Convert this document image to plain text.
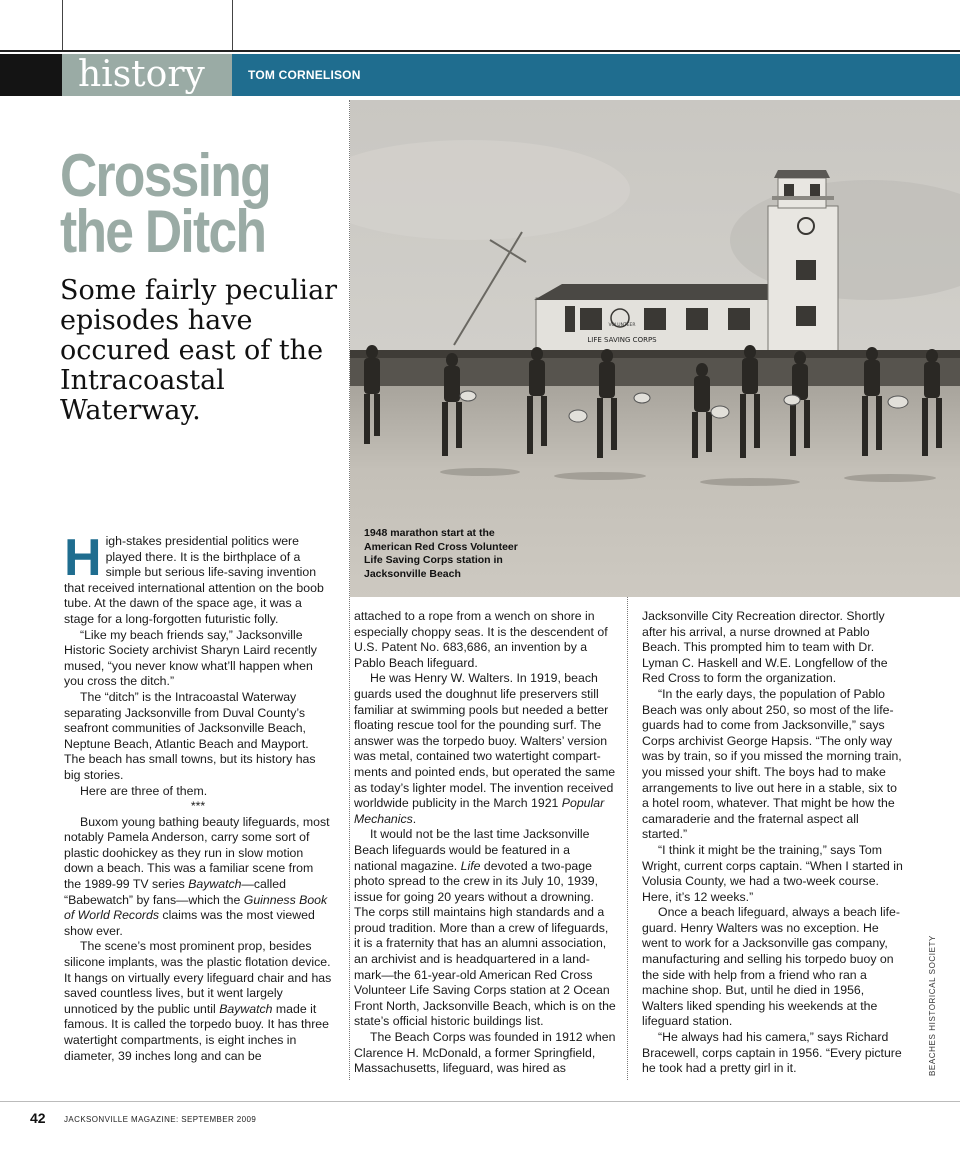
history	TOM CORNELISON
Crossing
the Ditch
Some fairly peculiar episodes have occured east of the Intracoastal Waterway.
VOLUNTEER
LIFE SAVING CORPS
1948 marathon start at the American Red Cross Volunteer Life Saving Corps station in Jacksonville Beach

High-stakes presidential politics were played there. It is the birthplace of a simple but serious life-saving invention that received international attention on the boob tube. At the dawn of the space age, it was a stage for a long-forgotten futuristic folly.

“Like my beach friends say,” Jacksonville Historic Society archivist Sharyn Laird recently mused, “you never know what’ll happen when you cross the ditch.”

The “ditch” is the Intracoastal Waterway separating Jacksonville from Duval County’s seafront communities of Jacksonville Beach, Neptune Beach, Atlantic Beach and Mayport. The beach has small towns, but its history has big stories.

Here are three of them.

***

Buxom young bathing beauty lifeguards, most notably Pamela Anderson, carry some sort of plastic doohickey as they run in slow motion down a beach. This was a familiar scene from the 1989-99 TV series Baywatch—called “Babewatch” by fans—which the Guinness Book of World Records claims was the most viewed show ever.

The scene’s most prominent prop, besides silicone implants, was the plastic flotation device. It hangs on virtually every lifeguard chair and has saved countless lives, but it went largely unnoticed by the public until Baywatch made it famous. It is called the torpedo buoy. It has three watertight compartments, is eight inches in diameter, 39 inches long and can be

attached to a rope from a wench on shore in especially choppy seas. It is the descendent of U.S. Patent No. 683,686, an invention by a Pablo Beach lifeguard.

He was Henry W. Walters. In 1919, beach guards used the doughnut life preservers still familiar at swimming pools but needed a better floating rescue tool for the pounding surf. The answer was the torpedo buoy. Walters’ version was metal, contained two watertight compart-ments and pointed ends, but operated the same as today’s lighter model. The invention received worldwide publicity in the March 1921 Popular Mechanics.

It would not be the last time Jacksonville Beach lifeguards would be featured in a national magazine. Life devoted a two-page photo spread to the crew in its July 10, 1939, issue for going 20 years without a drowning. The corps still maintains high standards and a proud tradition. More than a crew of lifeguards, it is a fraternity that has an alumni association, an archivist and is headquartered in a land-mark—the 61-year-old American Red Cross Volunteer Life Saving Corps station at 2 Ocean Front North, Jacksonville Beach, which is on the state’s official historic buildings list.

The Beach Corps was founded in 1912 when Clarence H. McDonald, a former Springfield, Massachusetts, lifeguard, was hired as

Jacksonville City Recreation director. Shortly after his arrival, a nurse drowned at Pablo Beach. This prompted him to team with Dr. Lyman C. Haskell and W.E. Longfellow of the Red Cross to form the organization.

“In the early days, the population of Pablo Beach was only about 250, so most of the life-guards had to come from Jacksonville,” says Corps archivist George Hapsis. “The only way was by train, so if you missed the morning train, you missed your shift. The boys had to make arrangements to live out here in a stable, six to a hotel room, whatever. That might be how the camaraderie and the fraternal aspect all started.”

“I think it might be the training,” says Tom Wright, current corps captain. “When I started in Volusia County, we had a two-week course. Here, it’s 12 weeks.”

Once a beach lifeguard, always a beach life-guard. Henry Walters was no exception. He went to work for a Jacksonville gas company, manufacturing and selling his torpedo buoy on the side with help from a friend who ran a machine shop. But, until he died in 1956, Walters liked spending his weekends at the lifeguard station.

“He always had his camera,” says Richard Bracewell, corps captain in 1956. “Every picture he took had a pretty girl in it.	BEACHES HISTORICAL SOCIETY
42 JACKSONVILLE MAGAZINE: SEPTEMBER 2009
